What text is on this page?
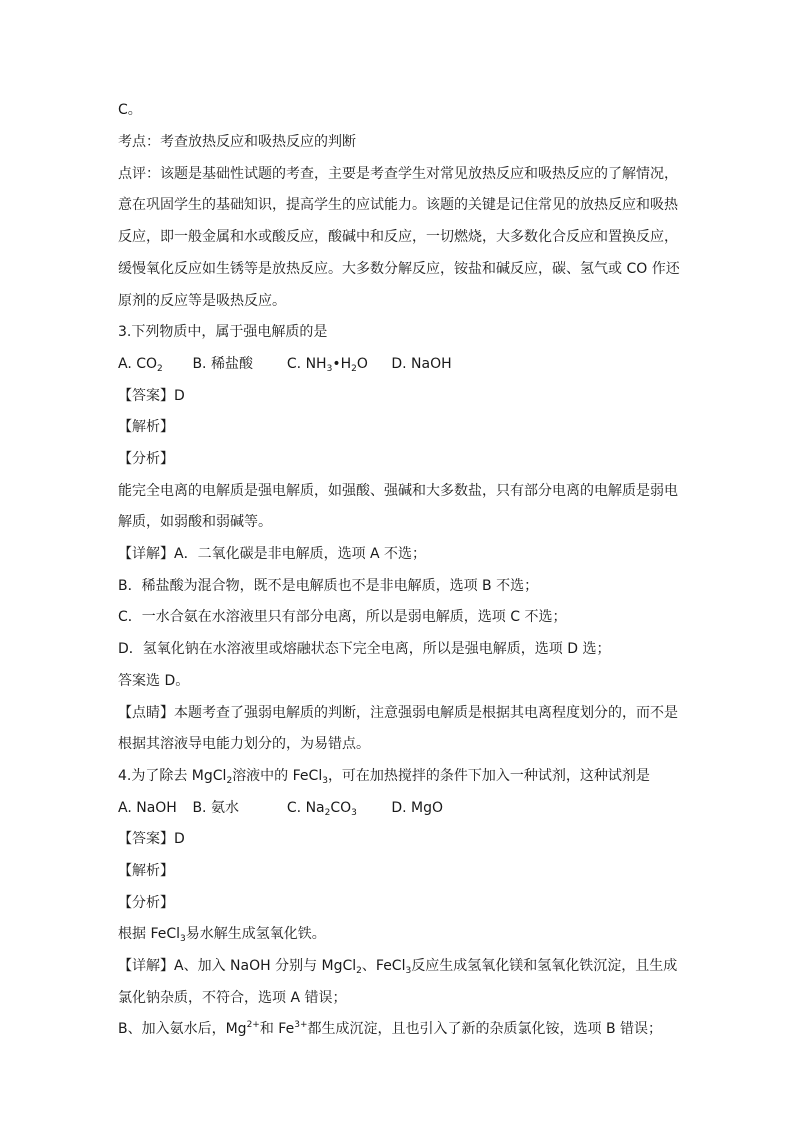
C。
考点：考查放热反应和吸热反应的判断
点评：该题是基础性试题的考查，主要是考查学生对常见放热反应和吸热反应的了解情况，
意在巩固学生的基础知识，提高学生的应试能力。该题的关键是记住常见的放热反应和吸热
反应，即一般金属和水或酸反应，酸碱中和反应，一切燃烧，大多数化合反应和置换反应，
缓慢氧化反应如生锈等是放热反应。大多数分解反应，铵盐和碱反应，碳、氢气或 CO 作还
原剂的反应等是吸热反应。
3.下列物质中，属于强电解质的是
A. $CO_2$ B. 稀盐酸 C. $NH_3•H_2O$ D. NaOH
【答案】D
【解析】
【分析】
能完全电离的电解质是强电解质，如强酸、强碱和大多数盐，只有部分电离的电解质是弱电
解质，如弱酸和弱碱等。
【详解】A．二氧化碳是非电解质，选项 A 不选；
B．稀盐酸为混合物，既不是电解质也不是非电解质，选项 B 不选；
C．一水合氨在水溶液里只有部分电离，所以是弱电解质，选项 C 不选；
D．氢氧化钠在水溶液里或熔融状态下完全电离，所以是强电解质，选项 D 选；
答案选 D。
【点睛】本题考查了强弱电解质的判断，注意强弱电解质是根据其电离程度划分的，而不是
根据其溶液导电能力划分的，为易错点。
4.为了除去 MgCl$_2$溶液中的 FeCl$_3$，可在加热搅拌的条件下加入一种试剂，这种试剂是
A. NaOH B. 氨水	C. $Na_2CO_3$ D. MgO
【答案】D
【解析】
【分析】
根据 FeCl$_3$易水解生成氢氧化铁。
【详解】A、加入 NaOH 分别与 MgCl$_2$、FeCl$_3$反应生成氢氧化镁和氢氧化铁沉淀，且生成
氯化钠杂质，不符合，选项 A 错误；
B、加入氨水后，$Mg^{2+}$和 $Fe^{3+}$都生成沉淀，且也引入了新的杂质氯化铵，选项 B 错误；
